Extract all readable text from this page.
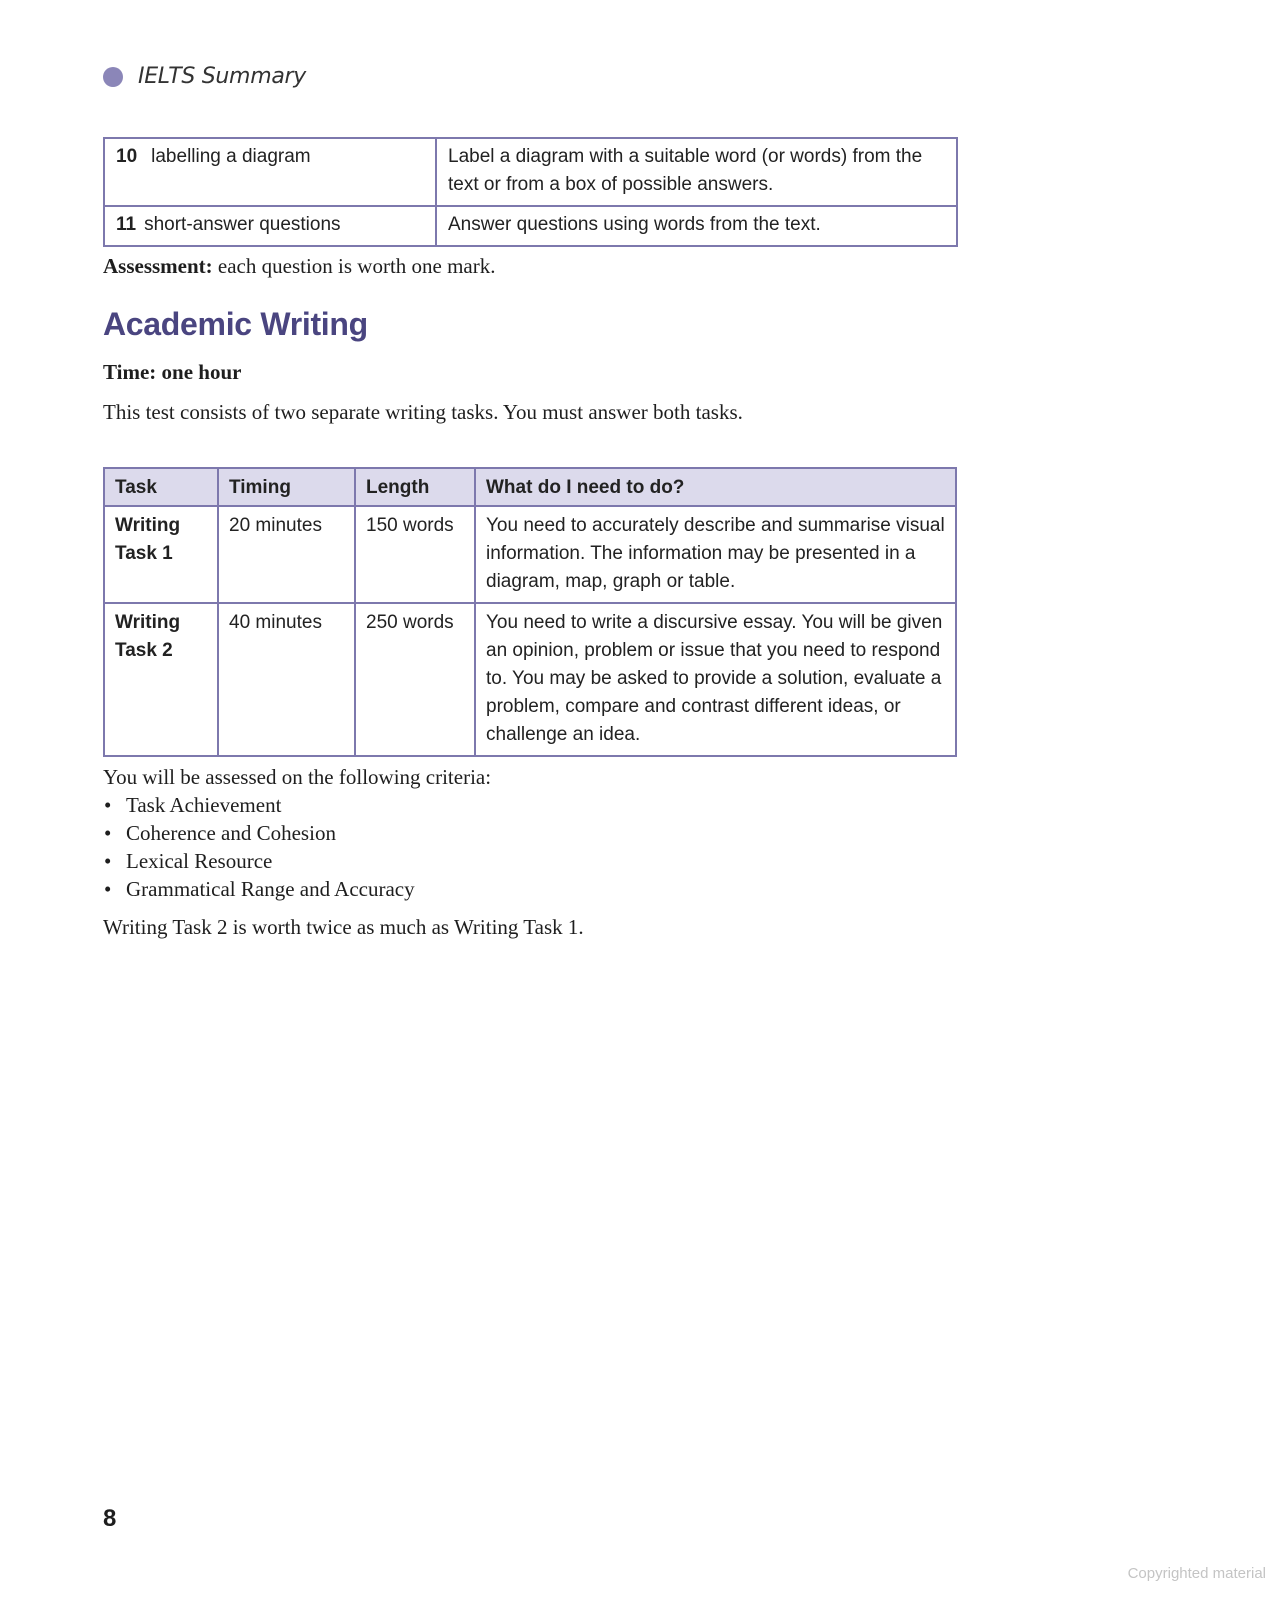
IELTS Summary
10 labelling a diagram	Label a diagram with a suitable word (or words) from the text or from a box of possible answers.
11 short-answer questions	Answer questions using words from the text.
Assessment: each question is worth one mark.
Academic Writing
Time: one hour
This test consists of two separate writing tasks. You must answer both tasks.
Task	Timing	Length	What do I need to do?
Writing
Task 1	20 minutes	150 words	You need to accurately describe and summarise visual information. The information may be presented in a diagram, map, graph or table.
Writing
Task 2	40 minutes	250 words	You need to write a discursive essay. You will be given an opinion, problem or issue that you need to respond to. You may be asked to provide a solution, evaluate a problem, compare and contrast different ideas, or challenge an idea.
You will be assessed on the following criteria:
• Task Achievement
• Coherence and Cohesion
• Lexical Resource
• Grammatical Range and Accuracy
Writing Task 2 is worth twice as much as Writing Task 1.
8
Copyrighted material
